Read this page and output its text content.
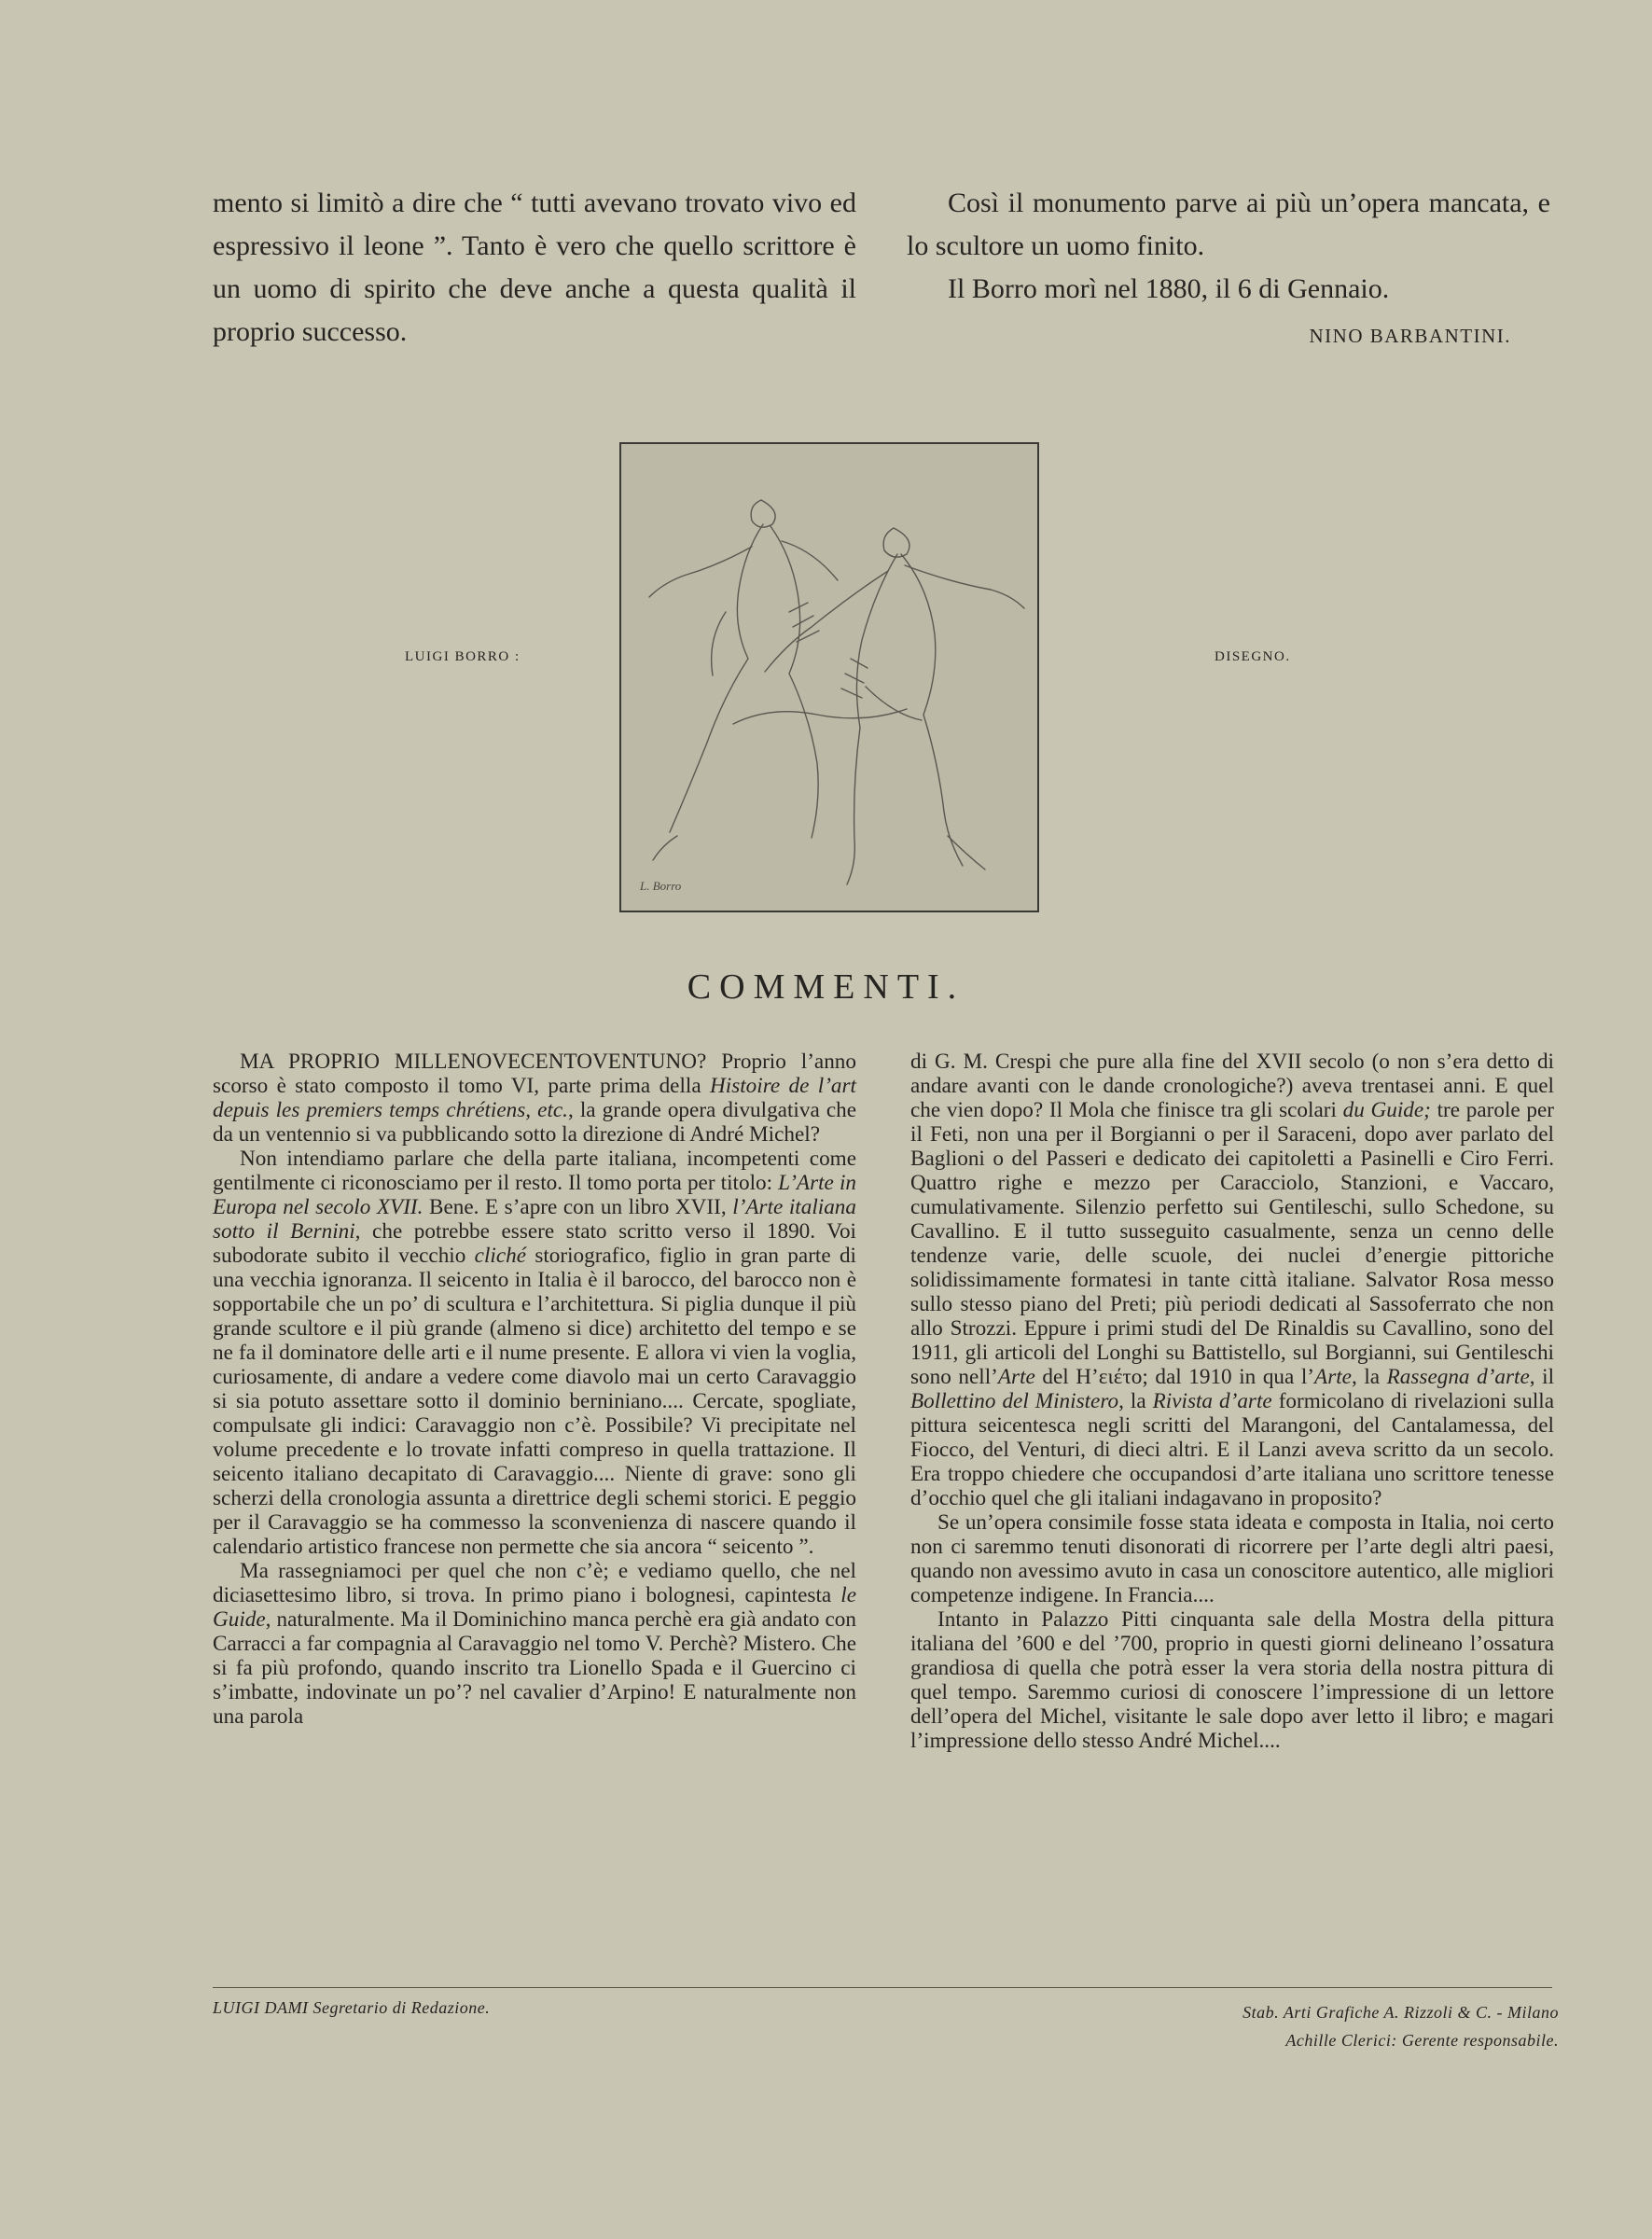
mento si limitò a dire che “ tutti avevano trovato vivo ed espressivo il leone ”. Tanto è vero che quello scrittore è un uomo di spirito che deve anche a questa qualità il proprio successo.

Così il monumento parve ai più un’opera mancata, e lo scultore un uomo finito.

Il Borro morì nel 1880, il 6 di Gennaio.

NINO BARBANTINI.

LUIGI BORRO :
L. Borro
DISEGNO.
COMMENTI.

MA PROPRIO MILLENOVECENTOVENTUNO? Proprio l’anno scorso è stato composto il tomo VI, parte prima della Histoire de l’art depuis les premiers temps chrétiens, etc., la grande opera divulgativa che da un ventennio si va pubblicando sotto la direzione di André Michel?

Non intendiamo parlare che della parte italiana, incompetenti come gentilmente ci riconosciamo per il resto. Il tomo porta per titolo: L’Arte in Europa nel secolo XVII. Bene. E s’apre con un libro XVII, l’Arte italiana sotto il Bernini, che potrebbe essere stato scritto verso il 1890. Voi subodorate subito il vecchio cliché storiografico, figlio in gran parte di una vecchia ignoranza. Il seicento in Italia è il barocco, del barocco non è sopportabile che un po’ di scultura e l’architettura. Si piglia dunque il più grande scultore e il più grande (almeno si dice) architetto del tempo e se ne fa il dominatore delle arti e il nume presente. E allora vi vien la voglia, curiosamente, di andare a vedere come diavolo mai un certo Caravaggio si sia potuto assettare sotto il dominio berniniano.... Cercate, spogliate, compulsate gli indici: Caravaggio non c’è. Possibile? Vi precipitate nel volume precedente e lo trovate infatti compreso in quella trattazione. Il seicento italiano decapitato di Caravaggio.... Niente di grave: sono gli scherzi della cronologia assunta a direttrice degli schemi storici. E peggio per il Caravaggio se ha commesso la sconvenienza di nascere quando il calendario artistico francese non permette che sia ancora “ seicento ”.

Ma rassegniamoci per quel che non c’è; e vediamo quello, che nel diciasettesimo libro, si trova. In primo piano i bolognesi, capintesta le Guide, naturalmente. Ma il Dominichino manca perchè era già andato con Carracci a far compagnia al Caravaggio nel tomo V. Perchè? Mistero. Che si fa più profondo, quando inscrito tra Lionello Spada e il Guercino ci s’imbatte, indovinate un po’? nel cavalier d’Arpino! E naturalmente non una parola

di G. M. Crespi che pure alla fine del XVII secolo (o non s’era detto di andare avanti con le dande cronologiche?) aveva trentasei anni. E quel che vien dopo? Il Mola che finisce tra gli scolari du Guide; tre parole per il Feti, non una per il Borgianni o per il Saraceni, dopo aver parlato del Baglioni o del Passeri e dedicato dei capitoletti a Pasinelli e Ciro Ferri. Quattro righe e mezzo per Caracciolo, Stanzioni, e Vaccaro, cumulativamente. Silenzio perfetto sui Gentileschi, sullo Schedone, su Cavallino. E il tutto susseguito casualmente, senza un cenno delle tendenze varie, delle scuole, dei nuclei d’energie pittoriche solidissimamente formatesi in tante città italiane. Salvator Rosa messo sullo stesso piano del Preti; più periodi dedicati al Sassoferrato che non allo Strozzi. Eppure i primi studi del De Rinaldis su Cavallino, sono del 1911, gli articoli del Longhi su Battistello, sul Borgianni, sui Gentileschi sono nell’Arte del H’ειέτο; dal 1910 in qua l’Arte, la Rassegna d’arte, il Bollettino del Ministero, la Rivista d’arte formicolano di rivelazioni sulla pittura seicentesca negli scritti del Marangoni, del Cantalamessa, del Fiocco, del Venturi, di dieci altri. E il Lanzi aveva scritto da un secolo. Era troppo chiedere che occupandosi d’arte italiana uno scrittore tenesse d’occhio quel che gli italiani indagavano in proposito?

Se un’opera consimile fosse stata ideata e composta in Italia, noi certo non ci saremmo tenuti disonorati di ricorrere per l’arte degli altri paesi, quando non avessimo avuto in casa un conoscitore autentico, alle migliori competenze indigene. In Francia....

Intanto in Palazzo Pitti cinquanta sale della Mostra della pittura italiana del ’600 e del ’700, proprio in questi giorni delineano l’ossatura grandiosa di quella che potrà esser la vera storia della nostra pittura di quel tempo. Saremmo curiosi di conoscere l’impressione di un lettore dell’opera del Michel, visitante le sale dopo aver letto il libro; e magari l’impressione dello stesso André Michel....

LUIGI DAMI Segretario di Redazione.	Stab. Arti Grafiche A. Rizzoli & C. - Milano
Achille Clerici: Gerente responsabile.
